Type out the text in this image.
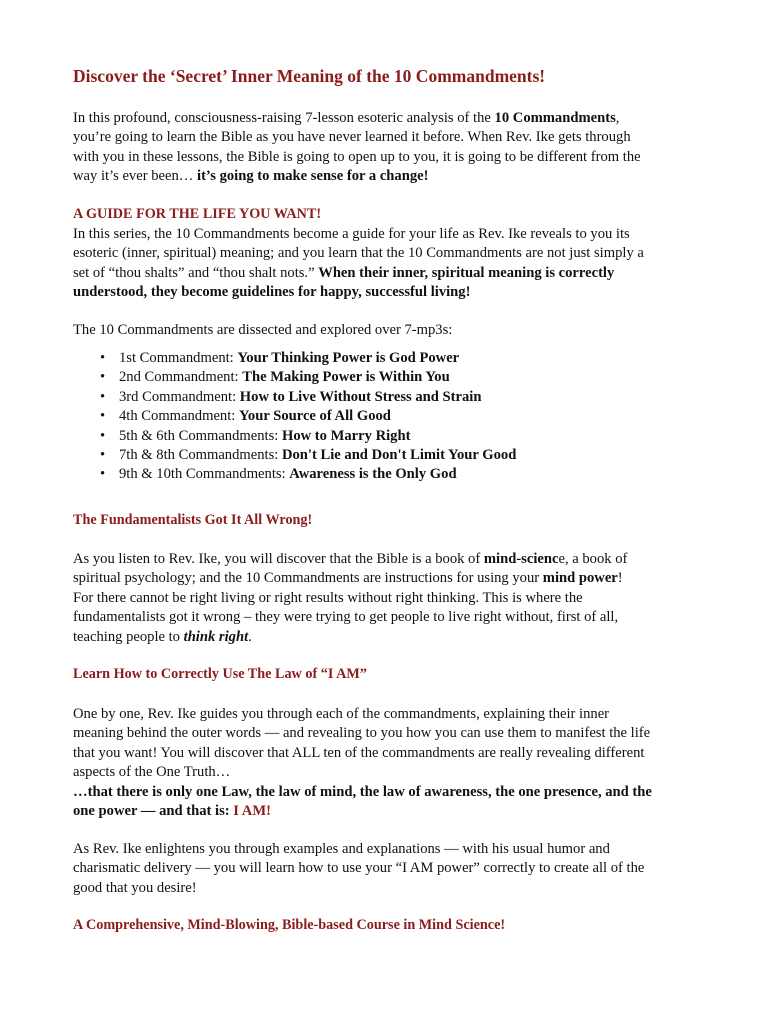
Discover the ‘Secret’ Inner Meaning of the 10 Commandments!
In this profound, consciousness-raising 7-lesson esoteric analysis of the 10 Commandments,
you’re going to learn the Bible as you have never learned it before. When Rev. Ike gets through
with you in these lessons, the Bible is going to open up to you, it is going to be different from the
way it’s ever been… it’s going to make sense for a change!
A GUIDE FOR THE LIFE YOU WANT!
In this series, the 10 Commandments become a guide for your life as Rev. Ike reveals to you its
esoteric (inner, spiritual) meaning; and you learn that the 10 Commandments are not just simply a
set of “thou shalts” and “thou shalt nots.” When their inner, spiritual meaning is correctly
understood, they become guidelines for happy, successful living!
The 10 Commandments are dissected and explored over 7-mp3s:
• 1st Commandment: Your Thinking Power is God Power
• 2nd Commandment: The Making Power is Within You
• 3rd Commandment: How to Live Without Stress and Strain
• 4th Commandment: Your Source of All Good
• 5th & 6th Commandments: How to Marry Right
• 7th & 8th Commandments: Don't Lie and Don't Limit Your Good
• 9th & 10th Commandments: Awareness is the Only God
The Fundamentalists Got It All Wrong!
As you listen to Rev. Ike, you will discover that the Bible is a book of mind-science, a book of
spiritual psychology; and the 10 Commandments are instructions for using your mind power!
For there cannot be right living or right results without right thinking. This is where the
fundamentalists got it wrong – they were trying to get people to live right without, first of all,
teaching people to think right.
Learn How to Correctly Use The Law of “I AM”
One by one, Rev. Ike guides you through each of the commandments, explaining their inner
meaning behind the outer words — and revealing to you how you can use them to manifest the life
that you want! You will discover that ALL ten of the commandments are really revealing different
aspects of the One Truth…
…that there is only one Law, the law of mind, the law of awareness, the one presence, and the
one power — and that is: I AM!
As Rev. Ike enlightens you through examples and explanations — with his usual humor and
charismatic delivery — you will learn how to use your “I AM power” correctly to create all of the
good that you desire!
A Comprehensive, Mind-Blowing, Bible-based Course in Mind Science!
